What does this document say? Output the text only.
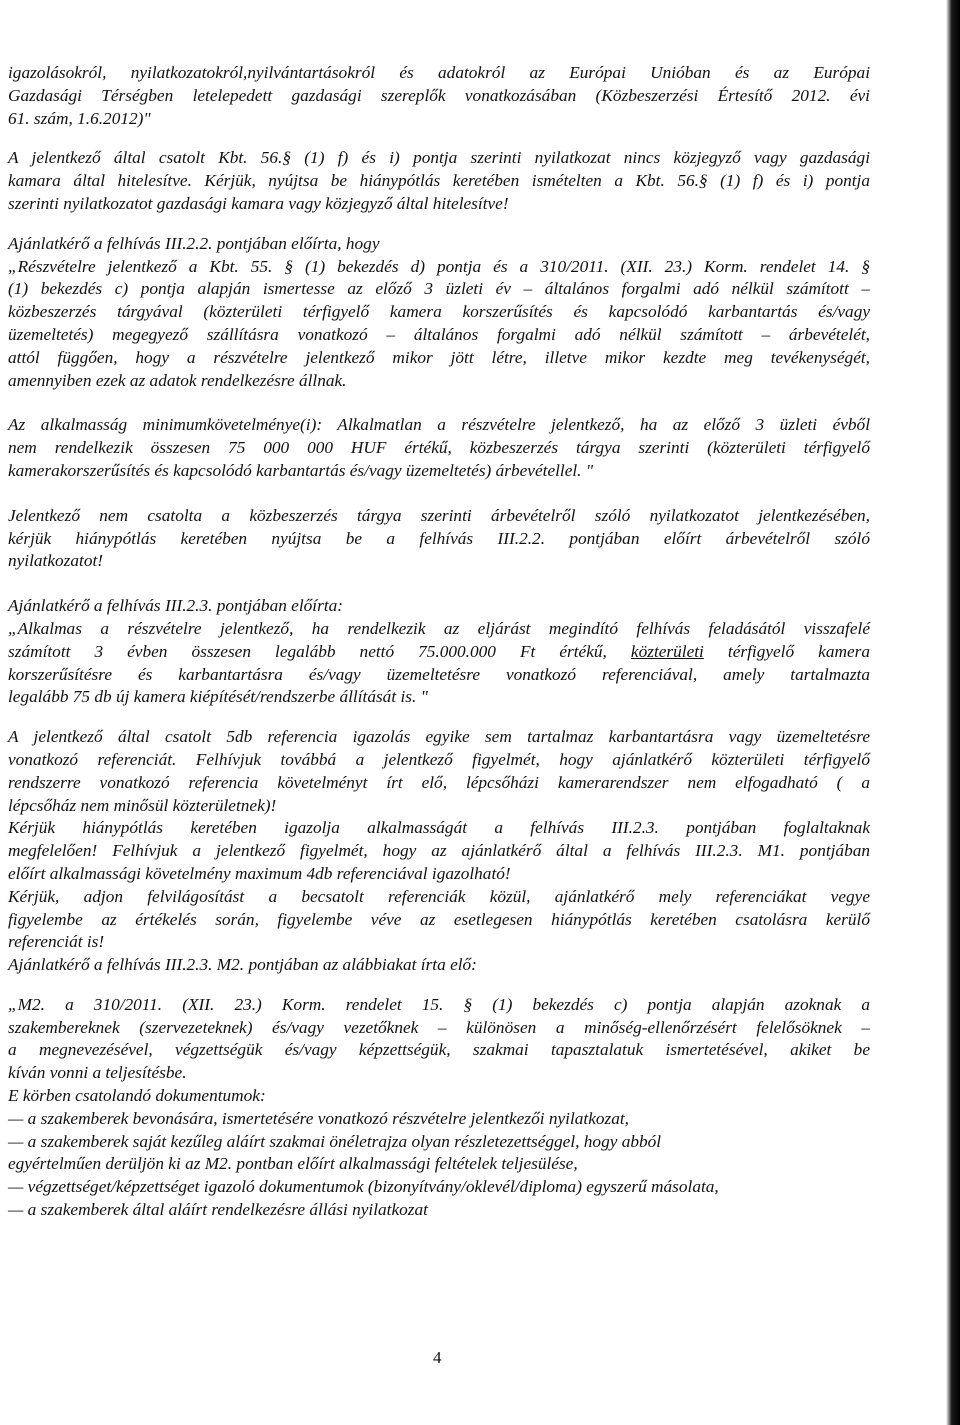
igazolásokról, nyilatkozatokról,nyilvántartásokról és adatokról az Európai Unióban és az Európai

Gazdasági Térségben letelepedett gazdasági szereplők vonatkozásában (Közbeszerzési Értesítő 2012. évi

61. szám, 1.6.2012)"

A jelentkező által csatolt Kbt. 56.§ (1) f) és i) pontja szerinti nyilatkozat nincs közjegyző vagy gazdasági

kamara által hitelesítve. Kérjük, nyújtsa be hiánypótlás keretében ismételten a Kbt. 56.§ (1) f) és i) pontja

szerinti nyilatkozatot gazdasági kamara vagy közjegyző által hitelesítve!

Ajánlatkérő a felhívás III.2.2. pontjában előírta, hogy

„Részvételre jelentkező a Kbt. 55. § (1) bekezdés d) pontja és a 310/2011. (XII. 23.) Korm. rendelet 14. §

(1) bekezdés c) pontja alapján ismertesse az előző 3 üzleti év – általános forgalmi adó nélkül számított –

közbeszerzés tárgyával (közterületi térfigyelő kamera korszerűsítés és kapcsolódó karbantartás és/vagy

üzemeltetés) megegyező szállításra vonatkozó – általános forgalmi adó nélkül számított – árbevételét,

attól függően, hogy a részvételre jelentkező mikor jött létre, illetve mikor kezdte meg tevékenységét,

amennyiben ezek az adatok rendelkezésre állnak.

Az alkalmasság minimumkövetelménye(i): Alkalmatlan a részvételre jelentkező, ha az előző 3 üzleti évből

nem rendelkezik összesen 75 000 000 HUF értékű, közbeszerzés tárgya szerinti (közterületi térfigyelő

kamerakorszerűsítés és kapcsolódó karbantartás és/vagy üzemeltetés) árbevétellel. "

Jelentkező nem csatolta a közbeszerzés tárgya szerinti árbevételről szóló nyilatkozatot jelentkezésében,

kérjük hiánypótlás keretében nyújtsa be a felhívás III.2.2. pontjában előírt árbevételről szóló

nyilatkozatot!

Ajánlatkérő a felhívás III.2.3. pontjában előírta:

„Alkalmas a részvételre jelentkező, ha rendelkezik az eljárást megindító felhívás feladásától visszafelé

számított 3 évben összesen legalább nettó 75.000.000 Ft értékű, közterületi térfigyelő kamera

korszerűsítésre és karbantartásra és/vagy üzemeltetésre vonatkozó referenciával, amely tartalmazta

legalább 75 db új kamera kiépítését/rendszerbe állítását is. "

A jelentkező által csatolt 5db referencia igazolás egyike sem tartalmaz karbantartásra vagy üzemeltetésre

vonatkozó referenciát. Felhívjuk továbbá a jelentkező figyelmét, hogy ajánlatkérő közterületi térfigyelő

rendszerre vonatkozó referencia követelményt írt elő, lépcsőházi kamerarendszer nem elfogadható ( a

lépcsőház nem minősül közterületnek)!

Kérjük hiánypótlás keretében igazolja alkalmasságát a felhívás III.2.3. pontjában foglaltaknak

megfelelően! Felhívjuk a jelentkező figyelmét, hogy az ajánlatkérő által a felhívás III.2.3. M1. pontjában

előírt alkalmassági követelmény maximum 4db referenciával igazolható!

Kérjük, adjon felvilágosítást a becsatolt referenciák közül, ajánlatkérő mely referenciákat vegye

figyelembe az értékelés során, figyelembe véve az esetlegesen hiánypótlás keretében csatolásra kerülő

referenciát is!

Ajánlatkérő a felhívás III.2.3. M2. pontjában az alábbiakat írta elő:

„M2. a 310/2011. (XII. 23.) Korm. rendelet 15. § (1) bekezdés c) pontja alapján azoknak a

szakembereknek (szervezeteknek) és/vagy vezetőknek – különösen a minőség-ellenőrzésért felelősöknek –

a megnevezésével, végzettségük és/vagy képzettségük, szakmai tapasztalatuk ismertetésével, akiket be

kíván vonni a teljesítésbe.

E körben csatolandó dokumentumok:

— a szakemberek bevonására, ismertetésére vonatkozó részvételre jelentkezői nyilatkozat,

— a szakemberek saját kezűleg aláírt szakmai önéletrajza olyan részletezettséggel, hogy abból

egyértelműen derüljön ki az M2. pontban előírt alkalmassági feltételek teljesülése,

— végzettséget/képzettséget igazoló dokumentumok (bizonyítvány/oklevél/diploma) egyszerű másolata,

— a szakemberek által aláírt rendelkezésre állási nyilatkozat

4
